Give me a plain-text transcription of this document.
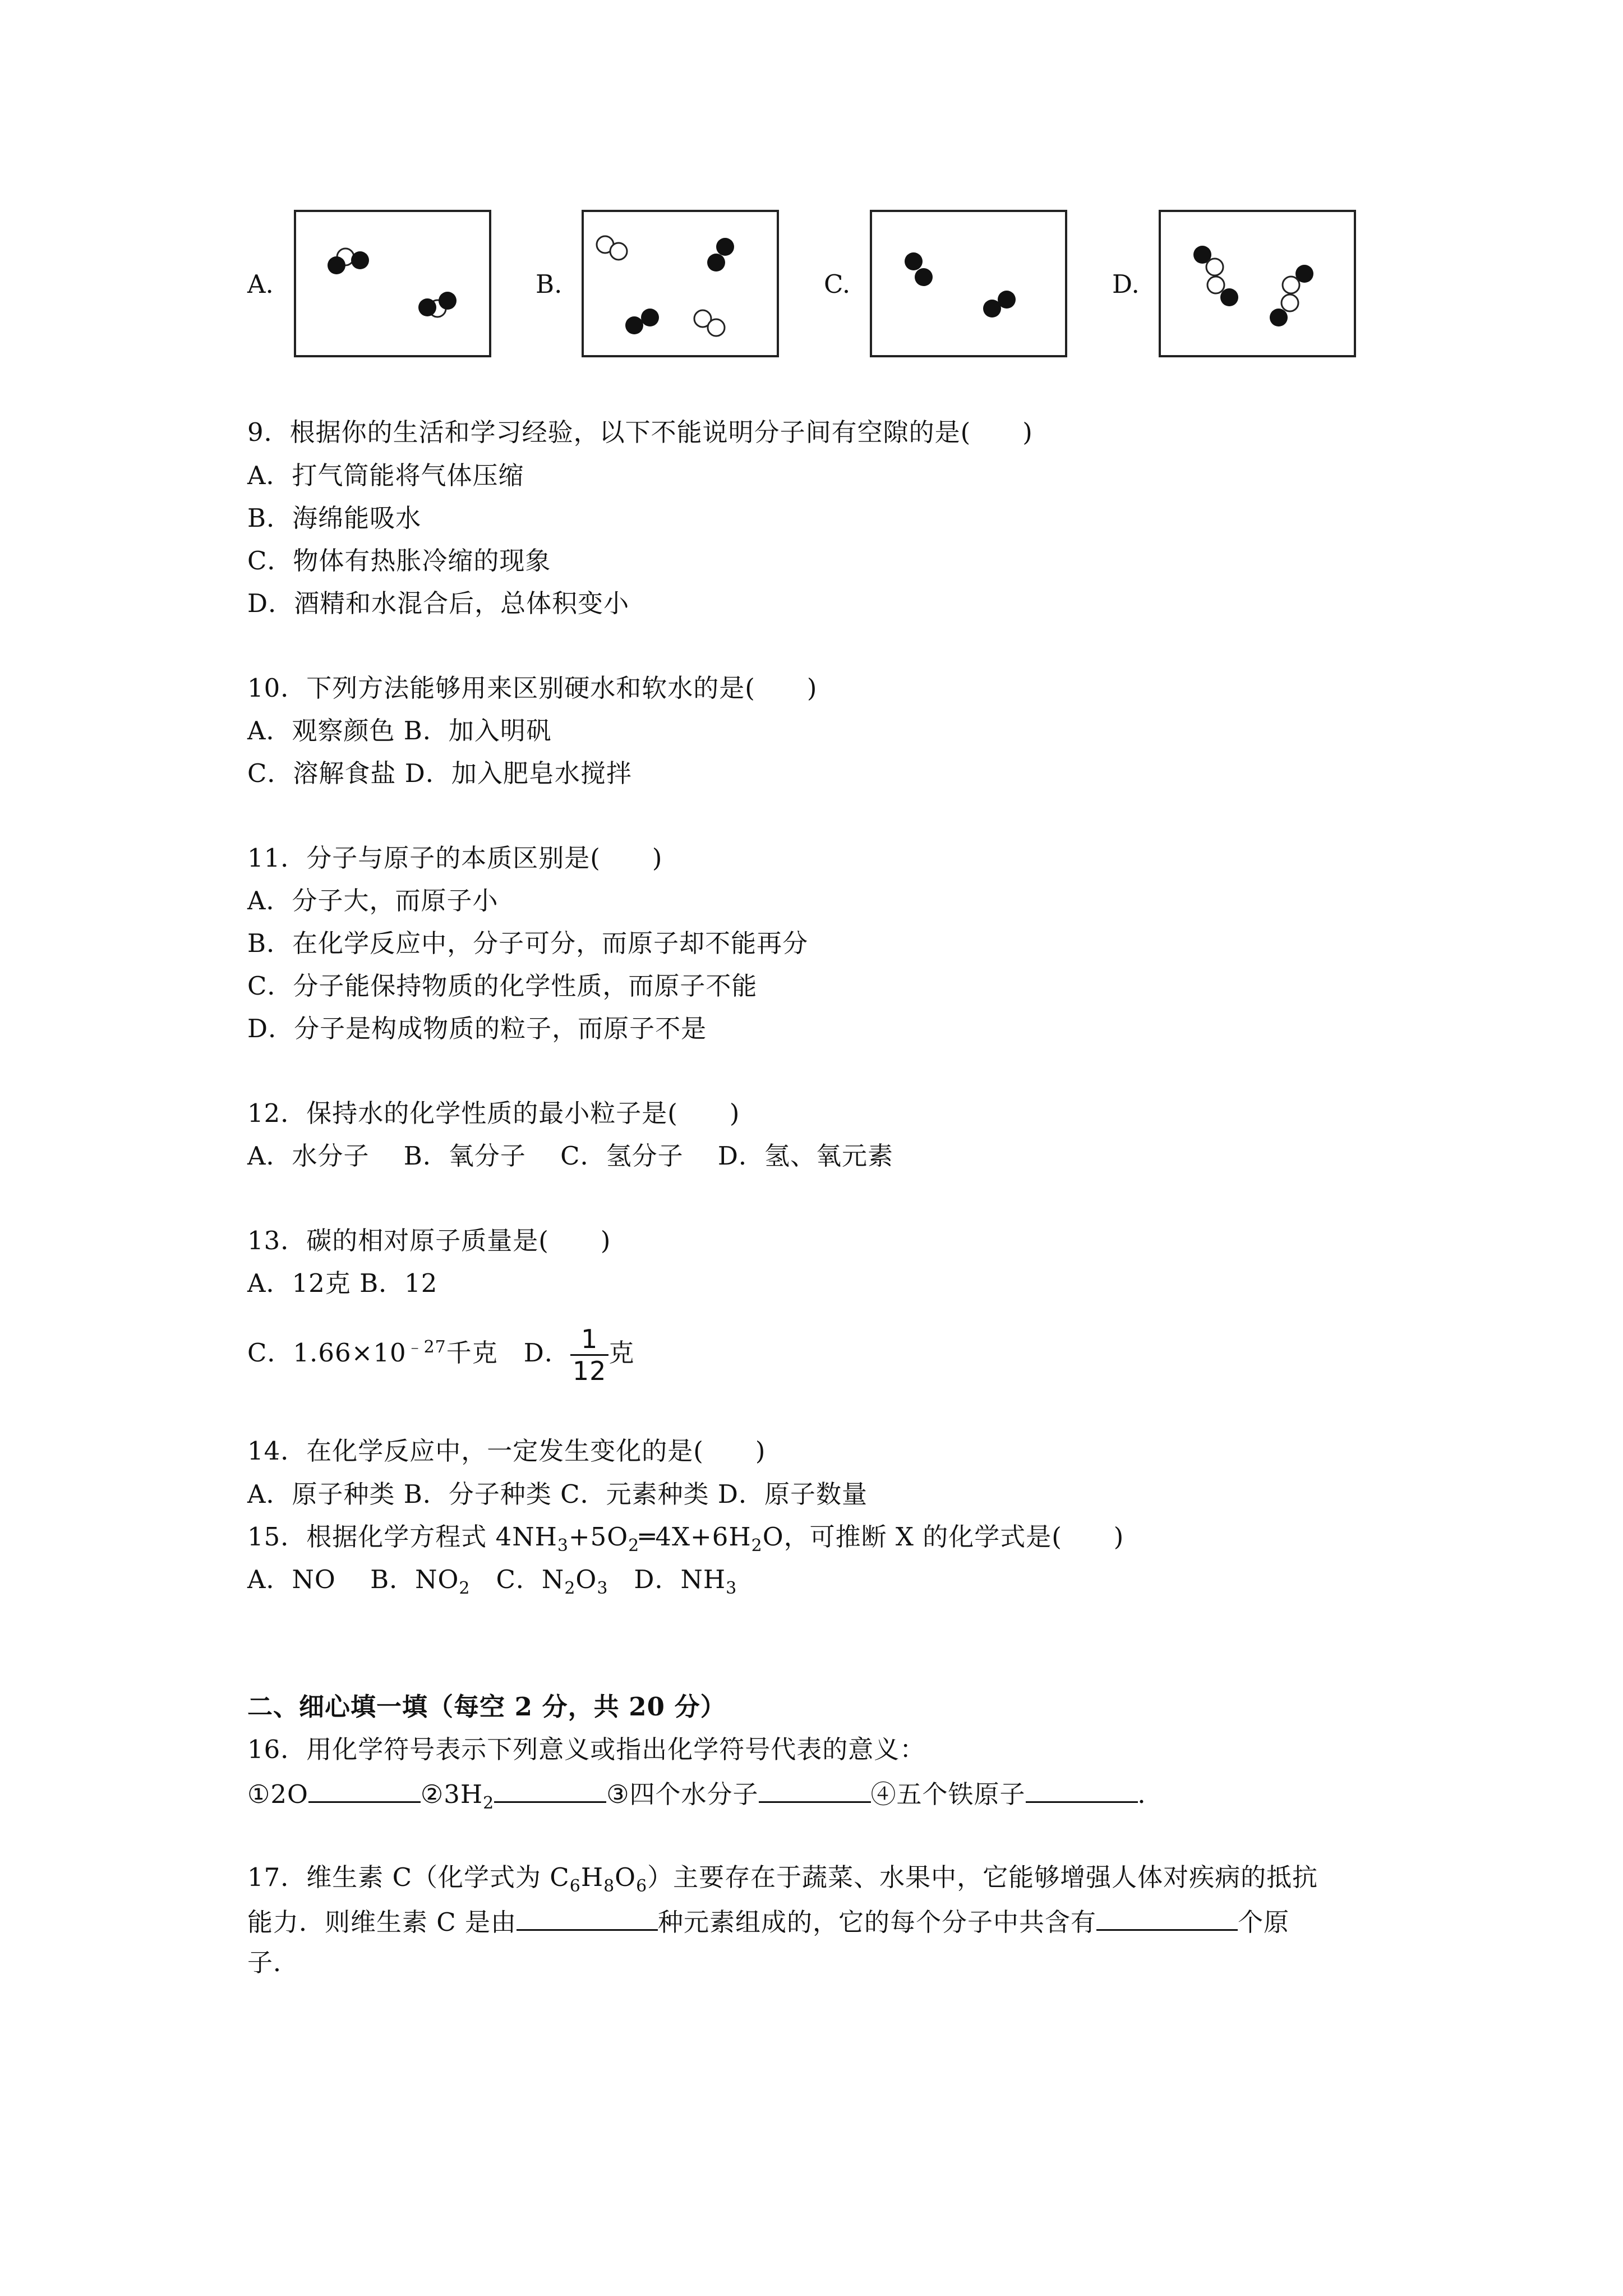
A.	B.	C.	D.
9．根据你的生活和学习经验，以下不能说明分子间有空隙的是(　　)
A．打气筒能将气体压缩
B．海绵能吸水
C．物体有热胀冷缩的现象
D．酒精和水混合后，总体积变小
10．下列方法能够用来区别硬水和软水的是(　　)
A．观察颜色 B．加入明矾
C．溶解食盐 D．加入肥皂水搅拌
11．分子与原子的本质区别是(　　)
A．分子大，而原子小
B．在化学反应中，分子可分，而原子却不能再分
C．分子能保持物质的化学性质，而原子不能
D．分子是构成物质的粒子，而原子不是
12．保持水的化学性质的最小粒子是(　　)
A．水分子　 B．氧分子　 C．氢分子　 D．氢、氧元素
13．碳的相对原子质量是(　　)
A．12克 B．12
C．$1.66\times 10^{﹣27}$千克　D． $\frac{1}{12}$ 克
14．在化学反应中，一定发生变化的是(　　)
A．原子种类 B．分子种类 C．元素种类 D．原子数量
15．根据化学方程式 $4NH_3+5O_2═4X+6H_2O$，可推断 X 的化学式是(　　)
A．NO　 B．$NO_2$　C．$N_2O_3$　D．$NH_3$
二、细心填一填（每空 2 分，共 20 分）
16．用化学符号表示下列意义或指出化学符号代表的意义：
①2O	$②3H_2$	③四个水分子	④五个铁原子	．
17．维生素 C（化学式为 $C_6H_8O_6$）主要存在于蔬菜、水果中，它能够增强人体对疾病的抵抗
能力．则维生素 C 是由	种元素组成的，它的每个分子中共含有	个原
子．
